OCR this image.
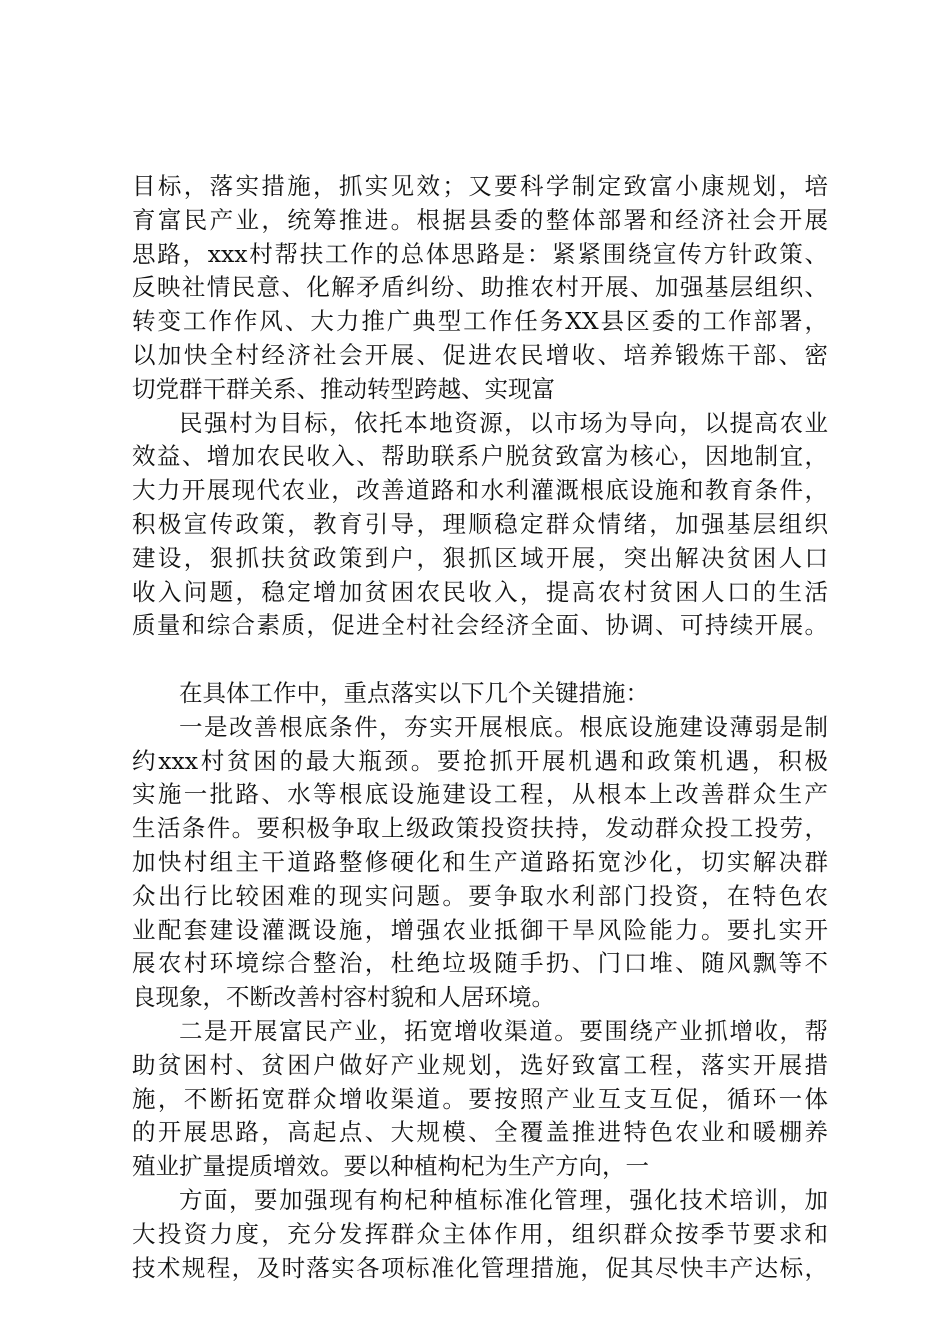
目标，落实措施，抓实见效；又要科学制定致富小康规划，培
育富民产业，统筹推进。根据县委的整体部署和经济社会开展
思路，xxx村帮扶工作的总体思路是：紧紧围绕宣传方针政策、
反映社情民意、化解矛盾纠纷、助推农村开展、加强基层组织、
转变工作作风、大力推广典型工作任务XX县区委的工作部署，
以加快全村经济社会开展、促进农民增收、培养锻炼干部、密
切党群干群关系、推动转型跨越、实现富
民强村为目标，依托本地资源，以市场为导向，以提高农业
效益、增加农民收入、帮助联系户脱贫致富为核心，因地制宜，
大力开展现代农业，改善道路和水利灌溉根底设施和教育条件，
积极宣传政策，教育引导，理顺稳定群众情绪，加强基层组织
建设，狠抓扶贫政策到户，狠抓区域开展，突出解决贫困人口
收入问题，稳定增加贫困农民收入，提高农村贫困人口的生活
质量和综合素质，促进全村社会经济全面、协调、可持续开展。
在具体工作中，重点落实以下几个关键措施：
一是改善根底条件，夯实开展根底。根底设施建设薄弱是制
约xxx村贫困的最大瓶颈。要抢抓开展机遇和政策机遇，积极
实施一批路、水等根底设施建设工程，从根本上改善群众生产
生活条件。要积极争取上级政策投资扶持，发动群众投工投劳，
加快村组主干道路整修硬化和生产道路拓宽沙化，切实解决群
众出行比较困难的现实问题。要争取水利部门投资，在特色农
业配套建设灌溉设施，增强农业抵御干旱风险能力。要扎实开
展农村环境综合整治，杜绝垃圾随手扔、门口堆、随风飘等不
良现象，不断改善村容村貌和人居环境。
二是开展富民产业，拓宽增收渠道。要围绕产业抓增收，帮
助贫困村、贫困户做好产业规划，选好致富工程，落实开展措
施，不断拓宽群众增收渠道。要按照产业互支互促，循环一体
的开展思路，高起点、大规模、全覆盖推进特色农业和暖棚养
殖业扩量提质增效。要以种植枸杞为生产方向，一
方面，要加强现有枸杞种植标准化管理，强化技术培训，加
大投资力度，充分发挥群众主体作用，组织群众按季节要求和
技术规程，及时落实各项标准化管理措施，促其尽快丰产达标，
